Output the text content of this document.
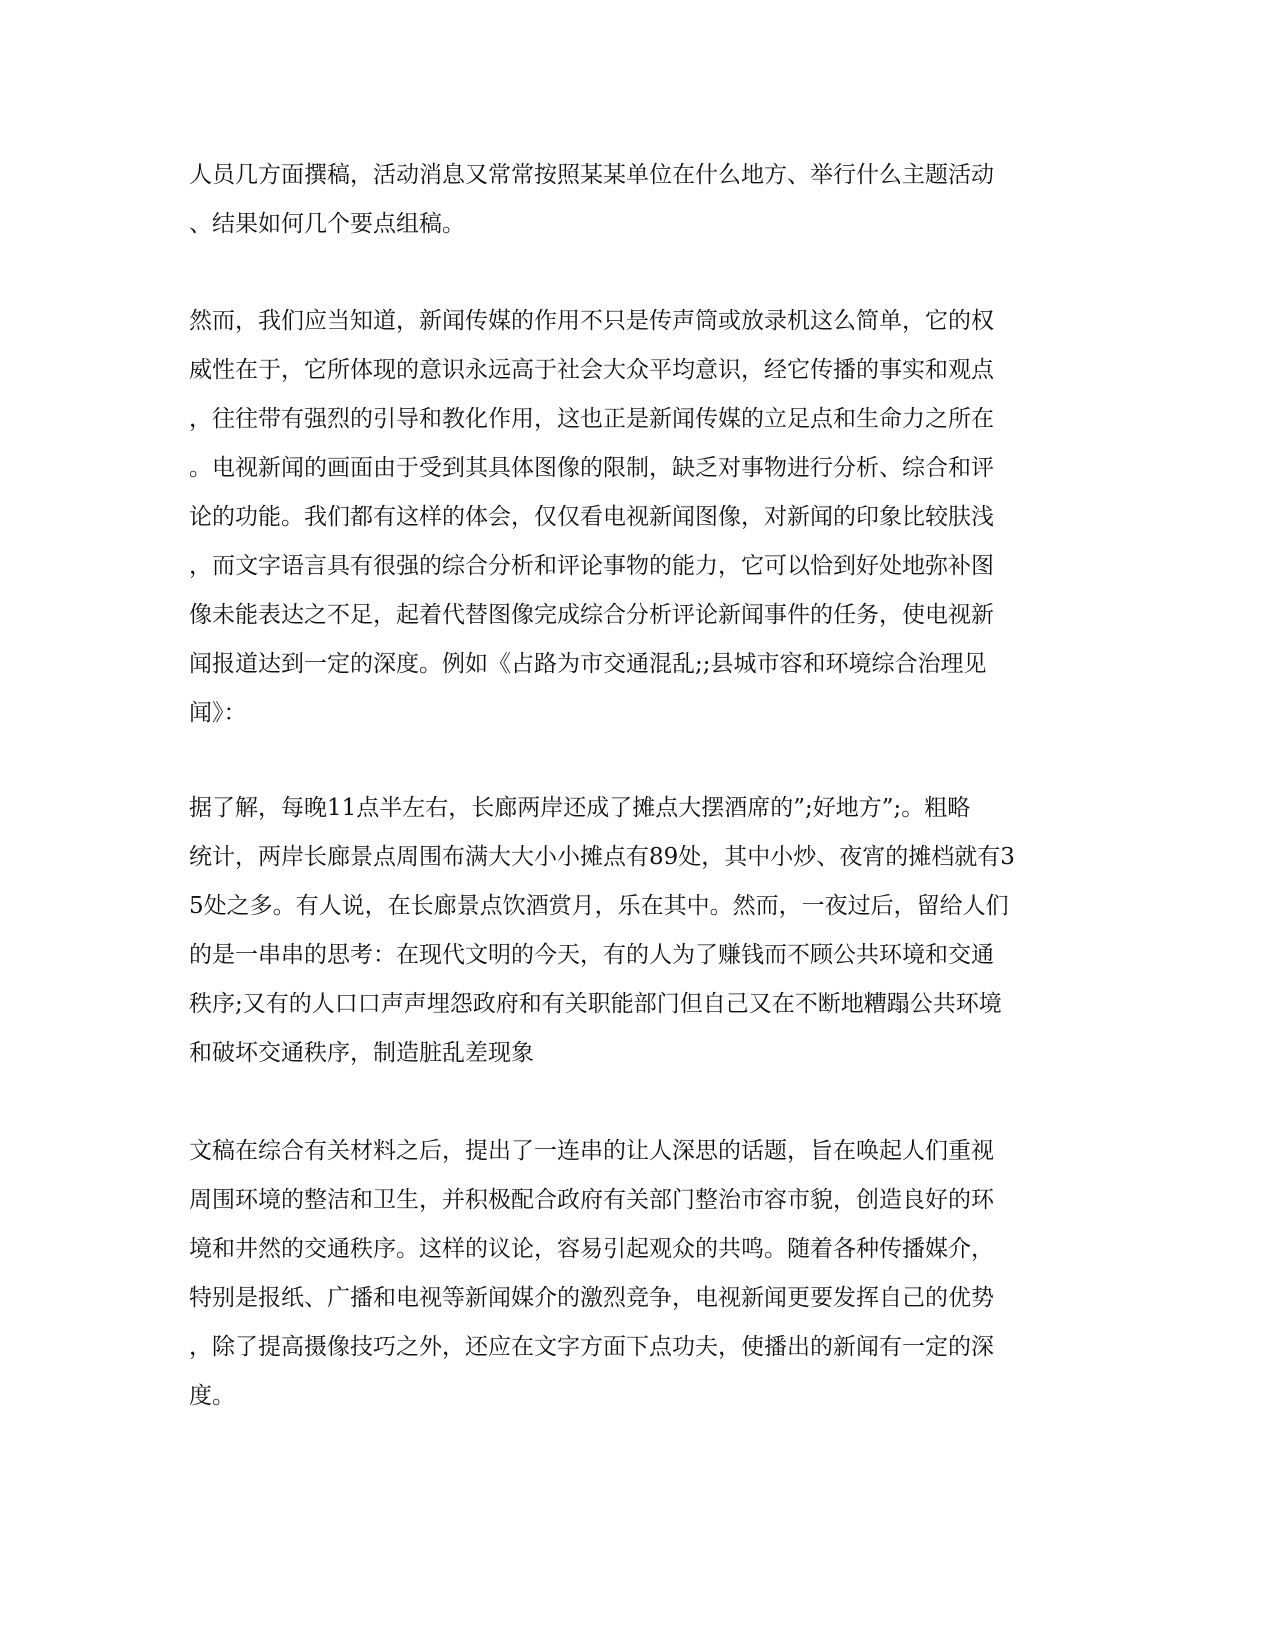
人员几方面撰稿，活动消息又常常按照某某单位在什么地方、举行什么主题活动
、结果如何几个要点组稿。

然而，我们应当知道，新闻传媒的作用不只是传声筒或放录机这么简单，它的权
威性在于，它所体现的意识永远高于社会大众平均意识，经它传播的事实和观点
，往往带有强烈的引导和教化作用，这也正是新闻传媒的立足点和生命力之所在
。电视新闻的画面由于受到其具体图像的限制，缺乏对事物进行分析、综合和评
论的功能。我们都有这样的体会，仅仅看电视新闻图像，对新闻的印象比较肤浅
，而文字语言具有很强的综合分析和评论事物的能力，它可以恰到好处地弥补图
像未能表达之不足，起着代替图像完成综合分析评论新闻事件的任务，使电视新
闻报道达到一定的深度。例如《占路为市交通混乱;;县城市容和环境综合治理见
闻》：

据了解，每晚11点半左右，长廊两岸还成了摊点大摆酒席的”;好地方”;。粗略
统计，两岸长廊景点周围布满大大小小摊点有89处，其中小炒、夜宵的摊档就有3
5处之多。有人说，在长廊景点饮酒赏月，乐在其中。然而，一夜过后，留给人们
的是一串串的思考：在现代文明的今天，有的人为了赚钱而不顾公共环境和交通
秩序;又有的人口口声声埋怨政府和有关职能部门但自己又在不断地糟蹋公共环境
和破坏交通秩序，制造脏乱差现象

文稿在综合有关材料之后，提出了一连串的让人深思的话题，旨在唤起人们重视
周围环境的整洁和卫生，并积极配合政府有关部门整治市容市貌，创造良好的环
境和井然的交通秩序。这样的议论，容易引起观众的共鸣。随着各种传播媒介，
特别是报纸、广播和电视等新闻媒介的激烈竞争，电视新闻更要发挥自己的优势
，除了提高摄像技巧之外，还应在文字方面下点功夫，使播出的新闻有一定的深
度。
